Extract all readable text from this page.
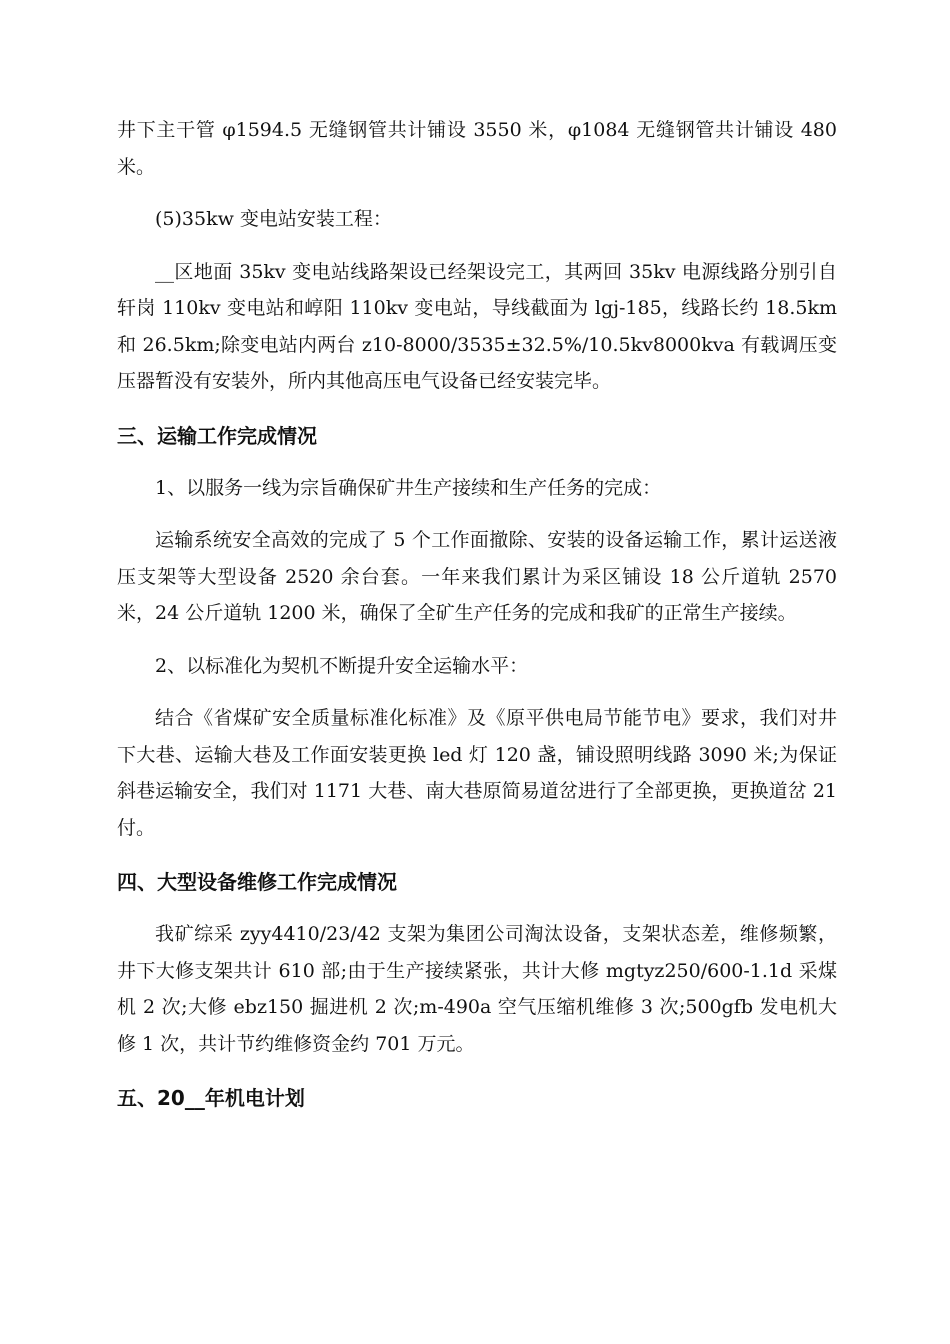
井下主干管 φ1594.5 无缝钢管共计铺设 3550 米，φ1084 无缝钢管共计铺设 480 米。

(5)35kw 变电站安装工程：

__区地面 35kv 变电站线路架设已经架设完工，其两回 35kv 电源线路分别引自轩岗 110kv 变电站和崞阳 110kv 变电站，导线截面为 lgj-185，线路长约 18.5km 和 26.5km;除变电站内两台 z10-8000/3535±32.5%/10.5kv8000kva 有载调压变压器暂没有安装外，所内其他高压电气设备已经安装完毕。

三、运输工作完成情况

1、以服务一线为宗旨确保矿井生产接续和生产任务的完成：

运输系统安全高效的完成了 5 个工作面撤除、安装的设备运输工作，累计运送液压支架等大型设备 2520 余台套。一年来我们累计为采区铺设 18 公斤道轨 2570 米，24 公斤道轨 1200 米，确保了全矿生产任务的完成和我矿的正常生产接续。

2、以标准化为契机不断提升安全运输水平：

结合《省煤矿安全质量标准化标准》及《原平供电局节能节电》要求，我们对井下大巷、运输大巷及工作面安装更换 led 灯 120 盏，铺设照明线路 3090 米;为保证斜巷运输安全，我们对 1171 大巷、南大巷原简易道岔进行了全部更换，更换道岔 21 付。

四、大型设备维修工作完成情况

我矿综采 zyy4410/23/42 支架为集团公司淘汰设备，支架状态差，维修频繁，井下大修支架共计 610 部;由于生产接续紧张，共计大修 mgtyz250/600-1.1d 采煤机 2 次;大修 ebz150 掘进机 2 次;m-490a 空气压缩机维修 3 次;500gfb 发电机大修 1 次，共计节约维修资金约 701 万元。

五、20__年机电计划
